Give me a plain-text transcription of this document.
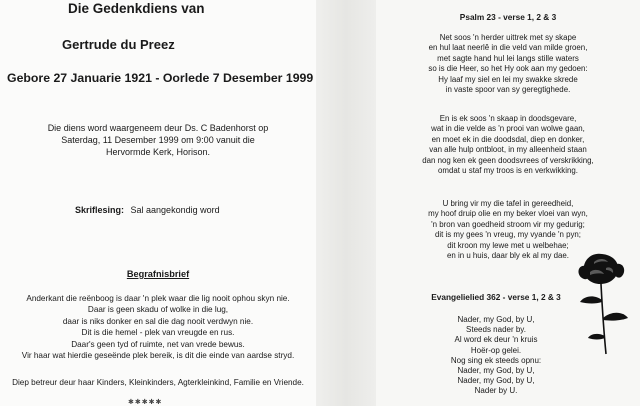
Die Gedenkdiens van
Gertrude du Preez
Gebore 27 Januarie 1921 - Oorlede 7 Desember 1999
Die diens word waargeneem deur Ds. C Badenhorst op
Saterdag, 11 Desember 1999 om 9:00 vanuit die
Hervormde Kerk, Horison.
Skriflesing: Sal aangekondig word
Begrafnisbrief
Anderkant die reënboog is daar 'n plek waar die lig nooit ophou skyn nie.
Daar is geen skadu of wolke in die lug,
daar is niks donker en sal die dag nooit verdwyn nie.
Dit is die hemel - plek van vreugde en rus.
Daar's geen tyd of ruimte, net van vrede bewus.
Vir haar wat hierdie geseënde plek bereik, is dit die einde van aardse stryd.
Diep betreur deur haar Kinders, Kleinkinders, Agterkleinkind, Familie en Vriende.
✱✱✱✱✱
Psalm 23 - verse 1, 2 & 3
Net soos 'n herder uittrek met sy skape
en hul laat neerlê in die veld van milde groen,
met sagte hand hul lei langs stille waters
so is die Heer, so het Hy ook aan my gedoen:
Hy laaf my siel en lei my swakke skrede
in vaste spoor van sy geregtighede.
En is ek soos 'n skaap in doodsgevare,
wat in die velde as 'n prooi van wolwe gaan,
en moet ek in die doodsdal, diep en donker,
van alle hulp ontbloot, in my alleenheid staan
dan nog ken ek geen doodsvrees of verskrikking,
omdat u staf my troos is en verkwikking.
U bring vir my die tafel in gereedheid,
my hoof druip olie en my beker vloei van wyn,
'n bron van goedheid stroom vir my gedurig;
dit is my gees 'n vreug, my vyande 'n pyn;
dit kroon my lewe met u welbehae;
en in u huis, daar bly ek al my dae.
Evangelielied 362 - verse 1, 2 & 3
Nader, my God, by U,
Steeds nader by.
Al word ek deur 'n kruis
Hoër-op gelei.
Nog sing ek steeds opnu:
Nader, my God, by U,
Nader, my God, by U,
Nader by U.
